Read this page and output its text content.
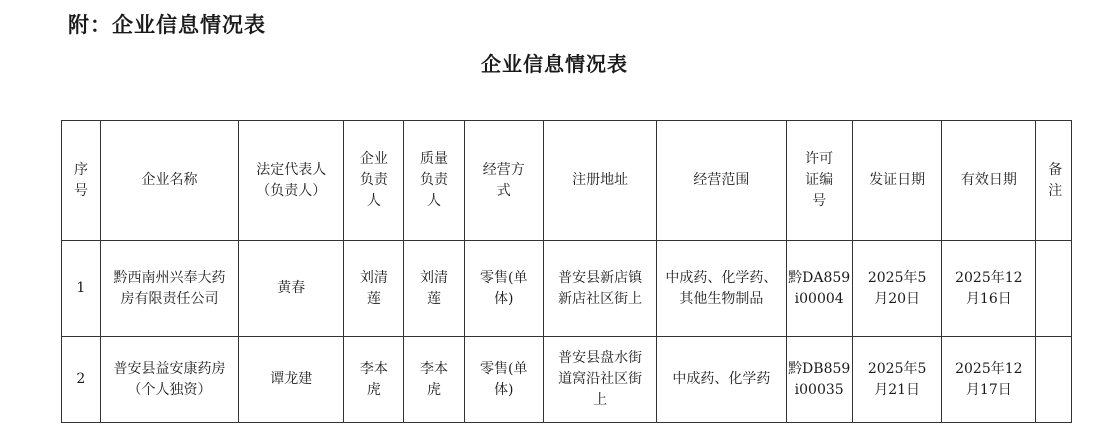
附：企业信息情况表
企业信息情况表
序号	企业名称	法定代表人（负责人）	企业负责人	质量负责人	经营方式	注册地址	经营范围	许可证编号	发证日期	有效日期	备注
1	黔西南州兴奉大药房有限责任公司	黄春	刘清莲	刘清莲	零售(单体)	普安县新店镇新店社区街上	中成药、化学药、其他生物制品	黔DA859i00004	2025年5月20日	2025年12月16日	
2	普安县益安康药房（个人独资）	谭龙建	李本虎	李本虎	零售(单体)	普安县盘水街道窝沿社区街上	中成药、化学药	黔DB859i00035	2025年5月21日	2025年12月17日	
